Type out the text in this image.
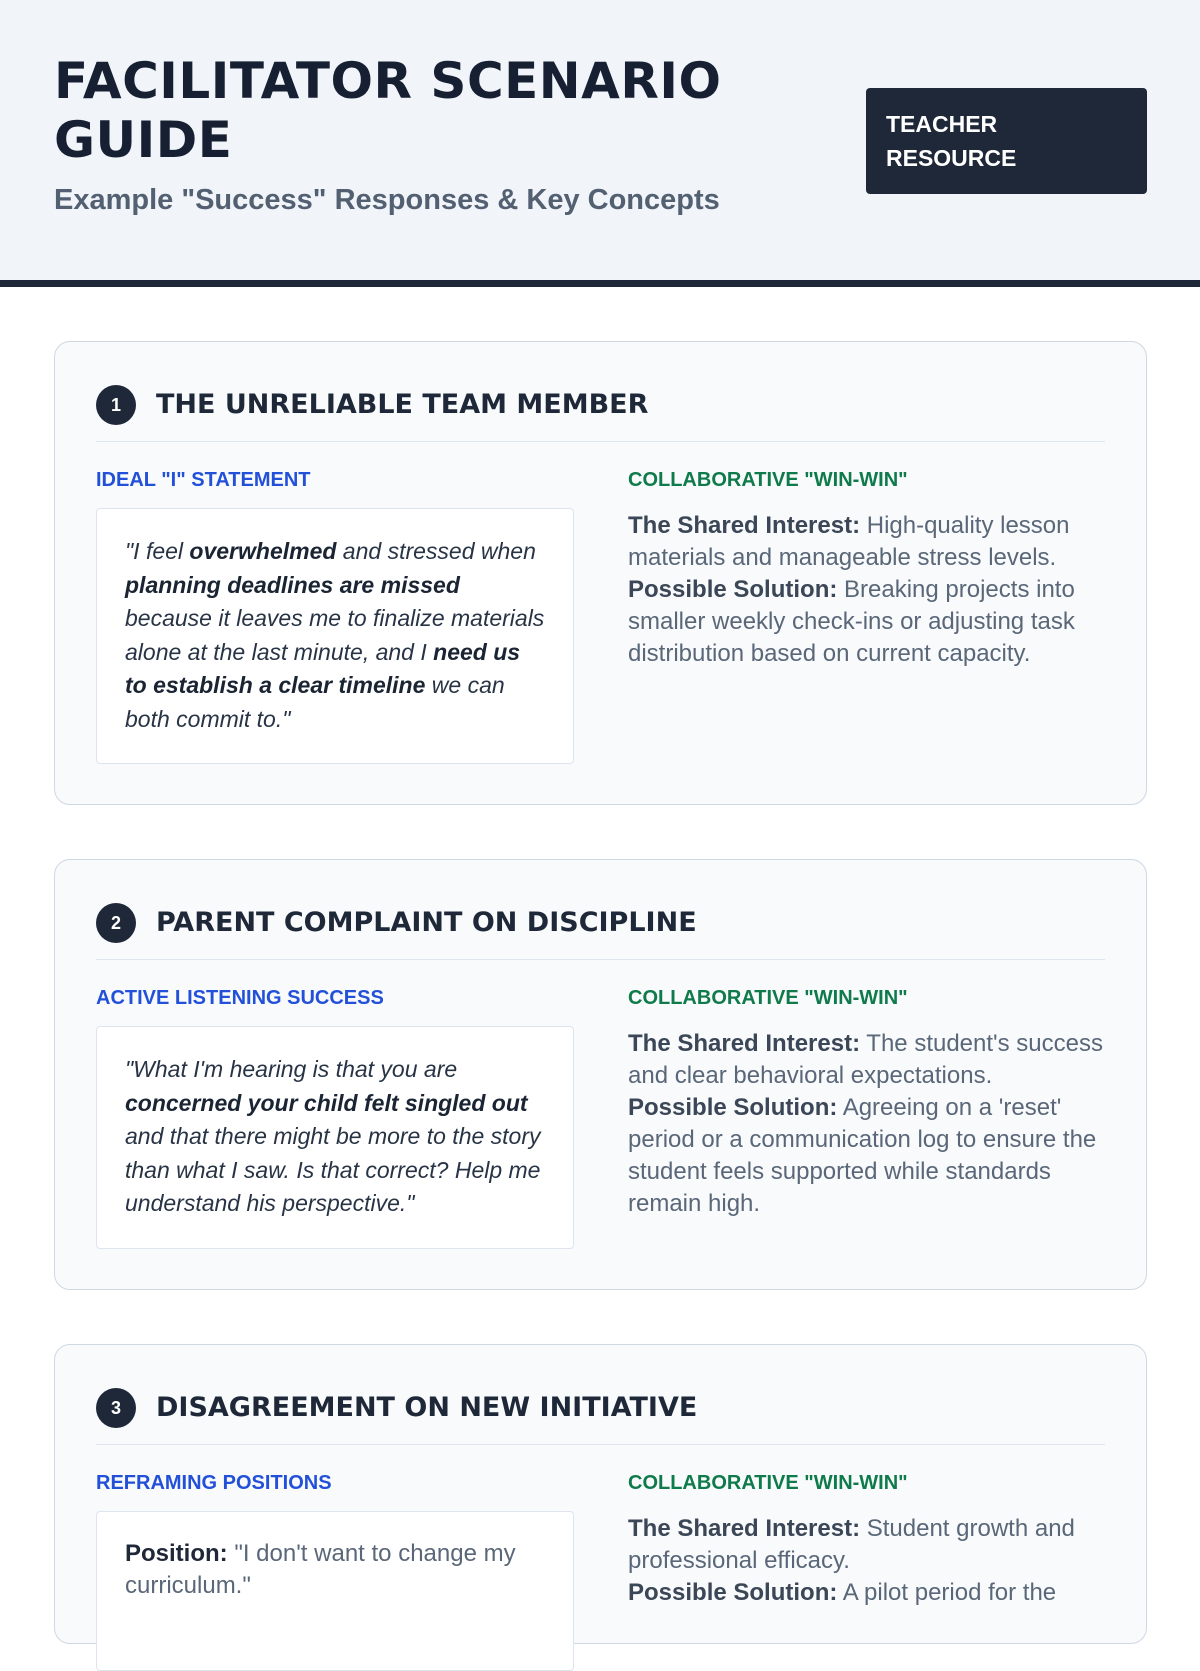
FACILITATOR SCENARIO GUIDE
Example "Success" Responses & Key Concepts
TEACHER RESOURCE
1	THE UNRELIABLE TEAM MEMBER
IDEAL "I" STATEMENT
"I feel overwhelmed and stressed when planning deadlines are missed because it leaves me to finalize materials alone at the last minute, and I need us to establish a clear timeline we can both commit to."
COLLABORATIVE "WIN-WIN"

The Shared Interest: High-quality lesson materials and manageable stress levels.

Possible Solution: Breaking projects into smaller weekly check-ins or adjusting task distribution based on current capacity.

2	PARENT COMPLAINT ON DISCIPLINE
ACTIVE LISTENING SUCCESS
"What I'm hearing is that you are concerned your child felt singled out and that there might be more to the story than what I saw. Is that correct? Help me understand his perspective."
COLLABORATIVE "WIN-WIN"

The Shared Interest: The student's success and clear behavioral expectations.

Possible Solution: Agreeing on a 'reset' period or a communication log to ensure the student feels supported while standards remain high.

3	DISAGREEMENT ON NEW INITIATIVE
REFRAMING POSITIONS
Position: "I don't want to change my curriculum."
COLLABORATIVE "WIN-WIN"

The Shared Interest: Student growth and professional efficacy.

Possible Solution: A pilot period for the
